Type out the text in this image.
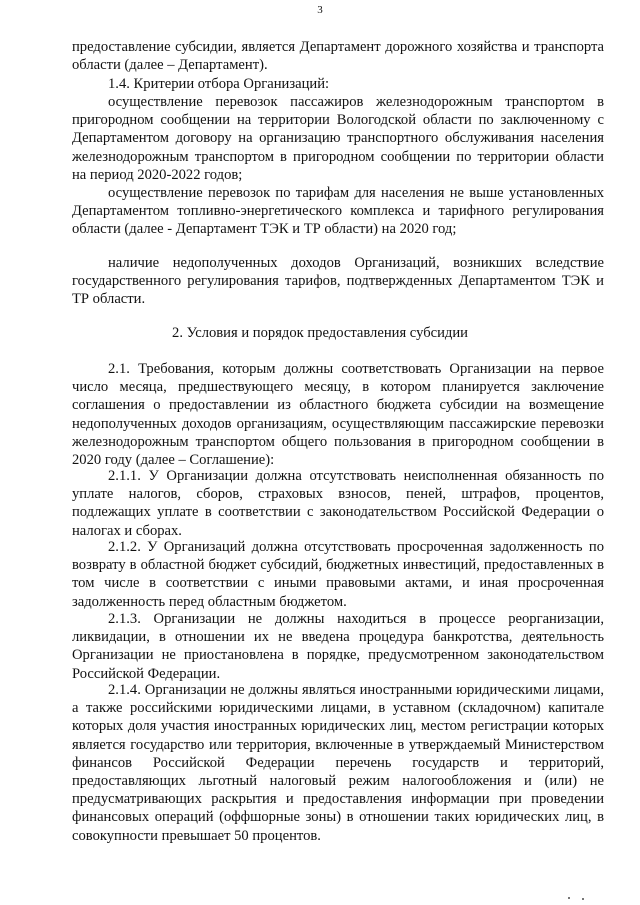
3

предоставление субсидии, является Департамент дорожного хозяйства и транспорта области (далее – Департамент).

1.4. Критерии отбора Организаций:

осуществление перевозок пассажиров железнодорожным транспортом в пригородном сообщении на территории Вологодской области по заключенному с Департаментом договору на организацию транспортного обслуживания населения железнодорожным транспортом в пригородном сообщении по территории области на период 2020-2022 годов;

осуществление перевозок по тарифам для населения не выше установленных Департаментом топливно-энергетического комплекса и тарифного регулирования области (далее - Департамент ТЭК и ТР области) на 2020 год;

наличие недополученных доходов Организаций, возникших вследствие государственного регулирования тарифов, подтвержденных Департаментом ТЭК и ТР области.

2. Условия и порядок предоставления субсидии

2.1. Требования, которым должны соответствовать Организации на первое число месяца, предшествующего месяцу, в котором планируется заключение соглашения о предоставлении из областного бюджета субсидии на возмещение недополученных доходов организациям, осуществляющим пассажирские перевозки железнодорожным транспортом общего пользования в пригородном сообщении в 2020 году (далее – Соглашение):

2.1.1. У Организации должна отсутствовать неисполненная обязанность по уплате налогов, сборов, страховых взносов, пеней, штрафов, процентов, подлежащих уплате в соответствии с законодательством Российской Федерации о налогах и сборах.

2.1.2. У Организаций должна отсутствовать просроченная задолженность по возврату в областной бюджет субсидий, бюджетных инвестиций, предоставленных в том числе в соответствии с иными правовыми актами, и иная просроченная задолженность перед областным бюджетом.

2.1.3. Организации не должны находиться в процессе реорганизации, ликвидации, в отношении их не введена процедура банкротства, деятельность Организации не приостановлена в порядке, предусмотренном законодательством Российской Федерации.

2.1.4. Организации не должны являться иностранными юридическими лицами, а также российскими юридическими лицами, в уставном (складочном) капитале которых доля участия иностранных юридических лиц, местом регистрации которых является государство или территория, включенные в утверждаемый Министерством финансов Российской Федерации перечень государств и территорий, предоставляющих льготный налоговый режим налогообложения и (или) не предусматривающих раскрытия и предоставления информации при проведении финансовых операций (оффшорные зоны) в отношении таких юридических лиц, в совокупности превышает 50 процентов.
